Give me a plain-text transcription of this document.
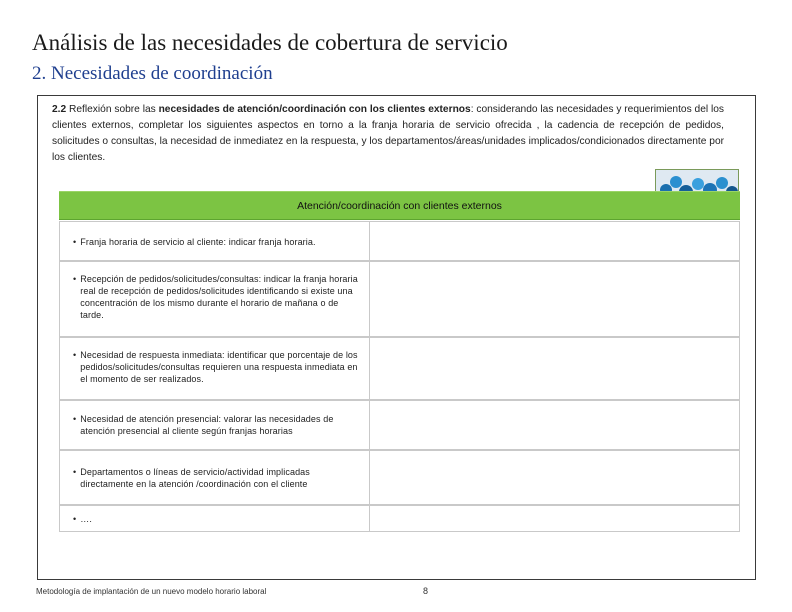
Análisis de las necesidades de cobertura de servicio
2. Necesidades de coordinación
2.2 Reflexión sobre las necesidades de atención/coordinación con los clientes externos: considerando las necesidades y requerimientos del los clientes externos, completar los siguientes aspectos en torno a la franja horaria de servicio ofrecida , la cadencia de recepción de pedidos, solicitudes o consultas, la necesidad de inmediatez en la respuesta, y los departamentos/áreas/unidades implicados/condicionados directamente por los clientes.
Atención/coordinación con clientes externos
• Franja horaria de servicio al cliente: indicar franja horaria.
• Recepción de pedidos/solicitudes/consultas: indicar la franja horaria real de recepción de pedidos/solicitudes identificando si existe una concentración de los mismo durante el horario de mañana o de tarde.
• Necesidad de respuesta inmediata: identificar que porcentaje de los pedidos/solicitudes/consultas requieren una respuesta inmediata en el momento de ser realizados.
• Necesidad de atención presencial: valorar las necesidades de atención presencial al cliente según franjas horarias
• Departamentos o líneas de servicio/actividad implicadas directamente en la atención /coordinación con el cliente
• ….
Metodología de implantación de un nuevo modelo horario laboral	8
